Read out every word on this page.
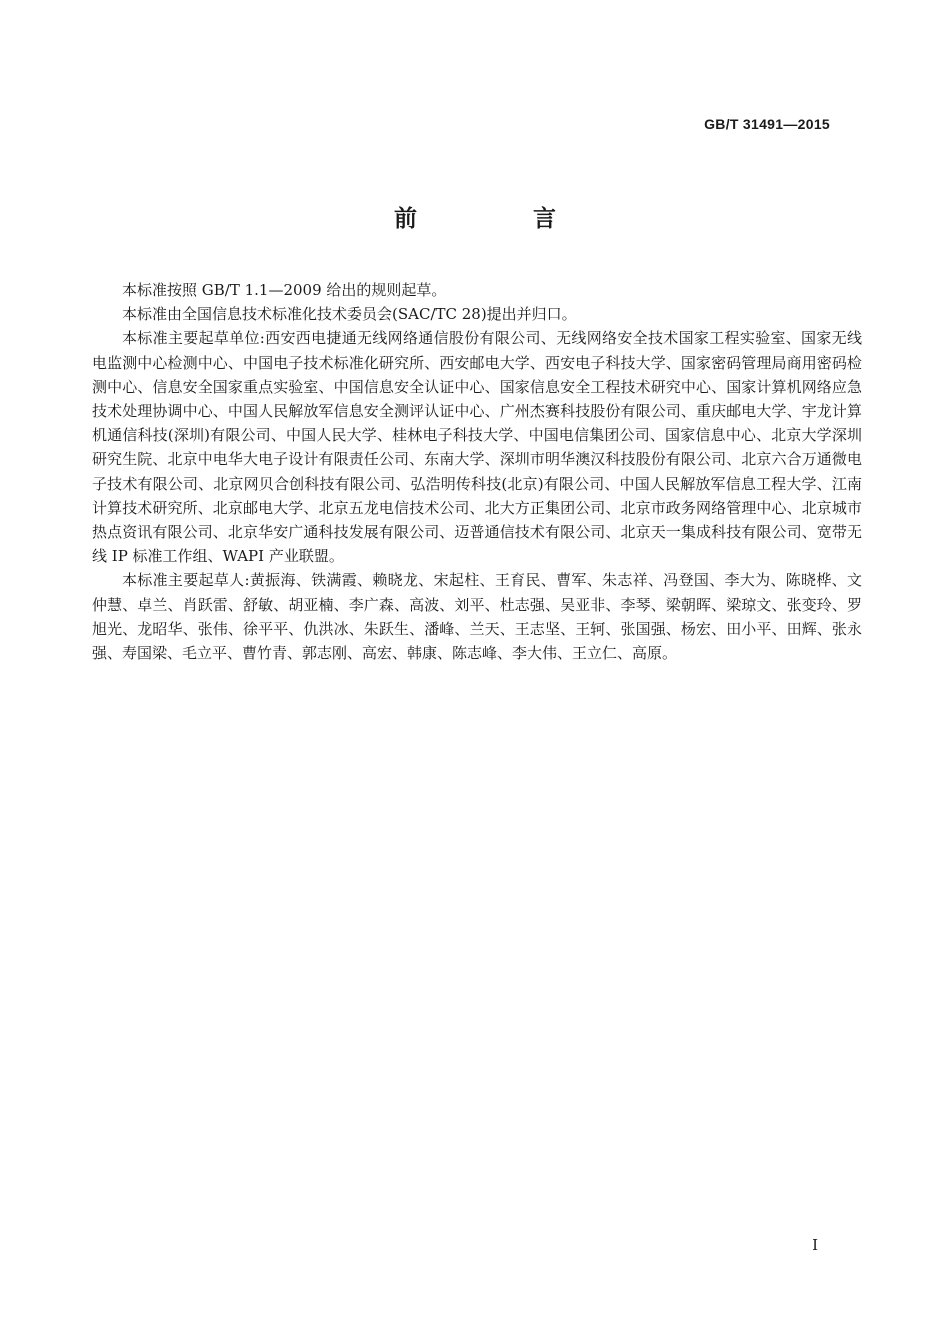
GB/T 31491—2015
前 言

本标准按照 GB/T 1.1—2009 给出的规则起草。

本标准由全国信息技术标准化技术委员会(SAC/TC 28)提出并归口。

本标准主要起草单位:西安西电捷通无线网络通信股份有限公司、无线网络安全技术国家工程实验室、国家无线电监测中心检测中心、中国电子技术标准化研究所、西安邮电大学、西安电子科技大学、国家密码管理局商用密码检测中心、信息安全国家重点实验室、中国信息安全认证中心、国家信息安全工程技术研究中心、国家计算机网络应急技术处理协调中心、中国人民解放军信息安全测评认证中心、广州杰赛科技股份有限公司、重庆邮电大学、宇龙计算机通信科技(深圳)有限公司、中国人民大学、桂林电子科技大学、中国电信集团公司、国家信息中心、北京大学深圳研究生院、北京中电华大电子设计有限责任公司、东南大学、深圳市明华澳汉科技股份有限公司、北京六合万通微电子技术有限公司、北京网贝合创科技有限公司、弘浩明传科技(北京)有限公司、中国人民解放军信息工程大学、江南计算技术研究所、北京邮电大学、北京五龙电信技术公司、北大方正集团公司、北京市政务网络管理中心、北京城市热点资讯有限公司、北京华安广通科技发展有限公司、迈普通信技术有限公司、北京天一集成科技有限公司、宽带无线 IP 标准工作组、WAPI 产业联盟。

本标准主要起草人:黄振海、铁满霞、赖晓龙、宋起柱、王育民、曹军、朱志祥、冯登国、李大为、陈晓桦、文仲慧、卓兰、肖跃雷、舒敏、胡亚楠、李广森、高波、刘平、杜志强、吴亚非、李琴、梁朝晖、梁琼文、张变玲、罗旭光、龙昭华、张伟、徐平平、仇洪冰、朱跃生、潘峰、兰天、王志坚、王轲、张国强、杨宏、田小平、田辉、张永强、寿国梁、毛立平、曹竹青、郭志刚、高宏、韩康、陈志峰、李大伟、王立仁、高原。

I
